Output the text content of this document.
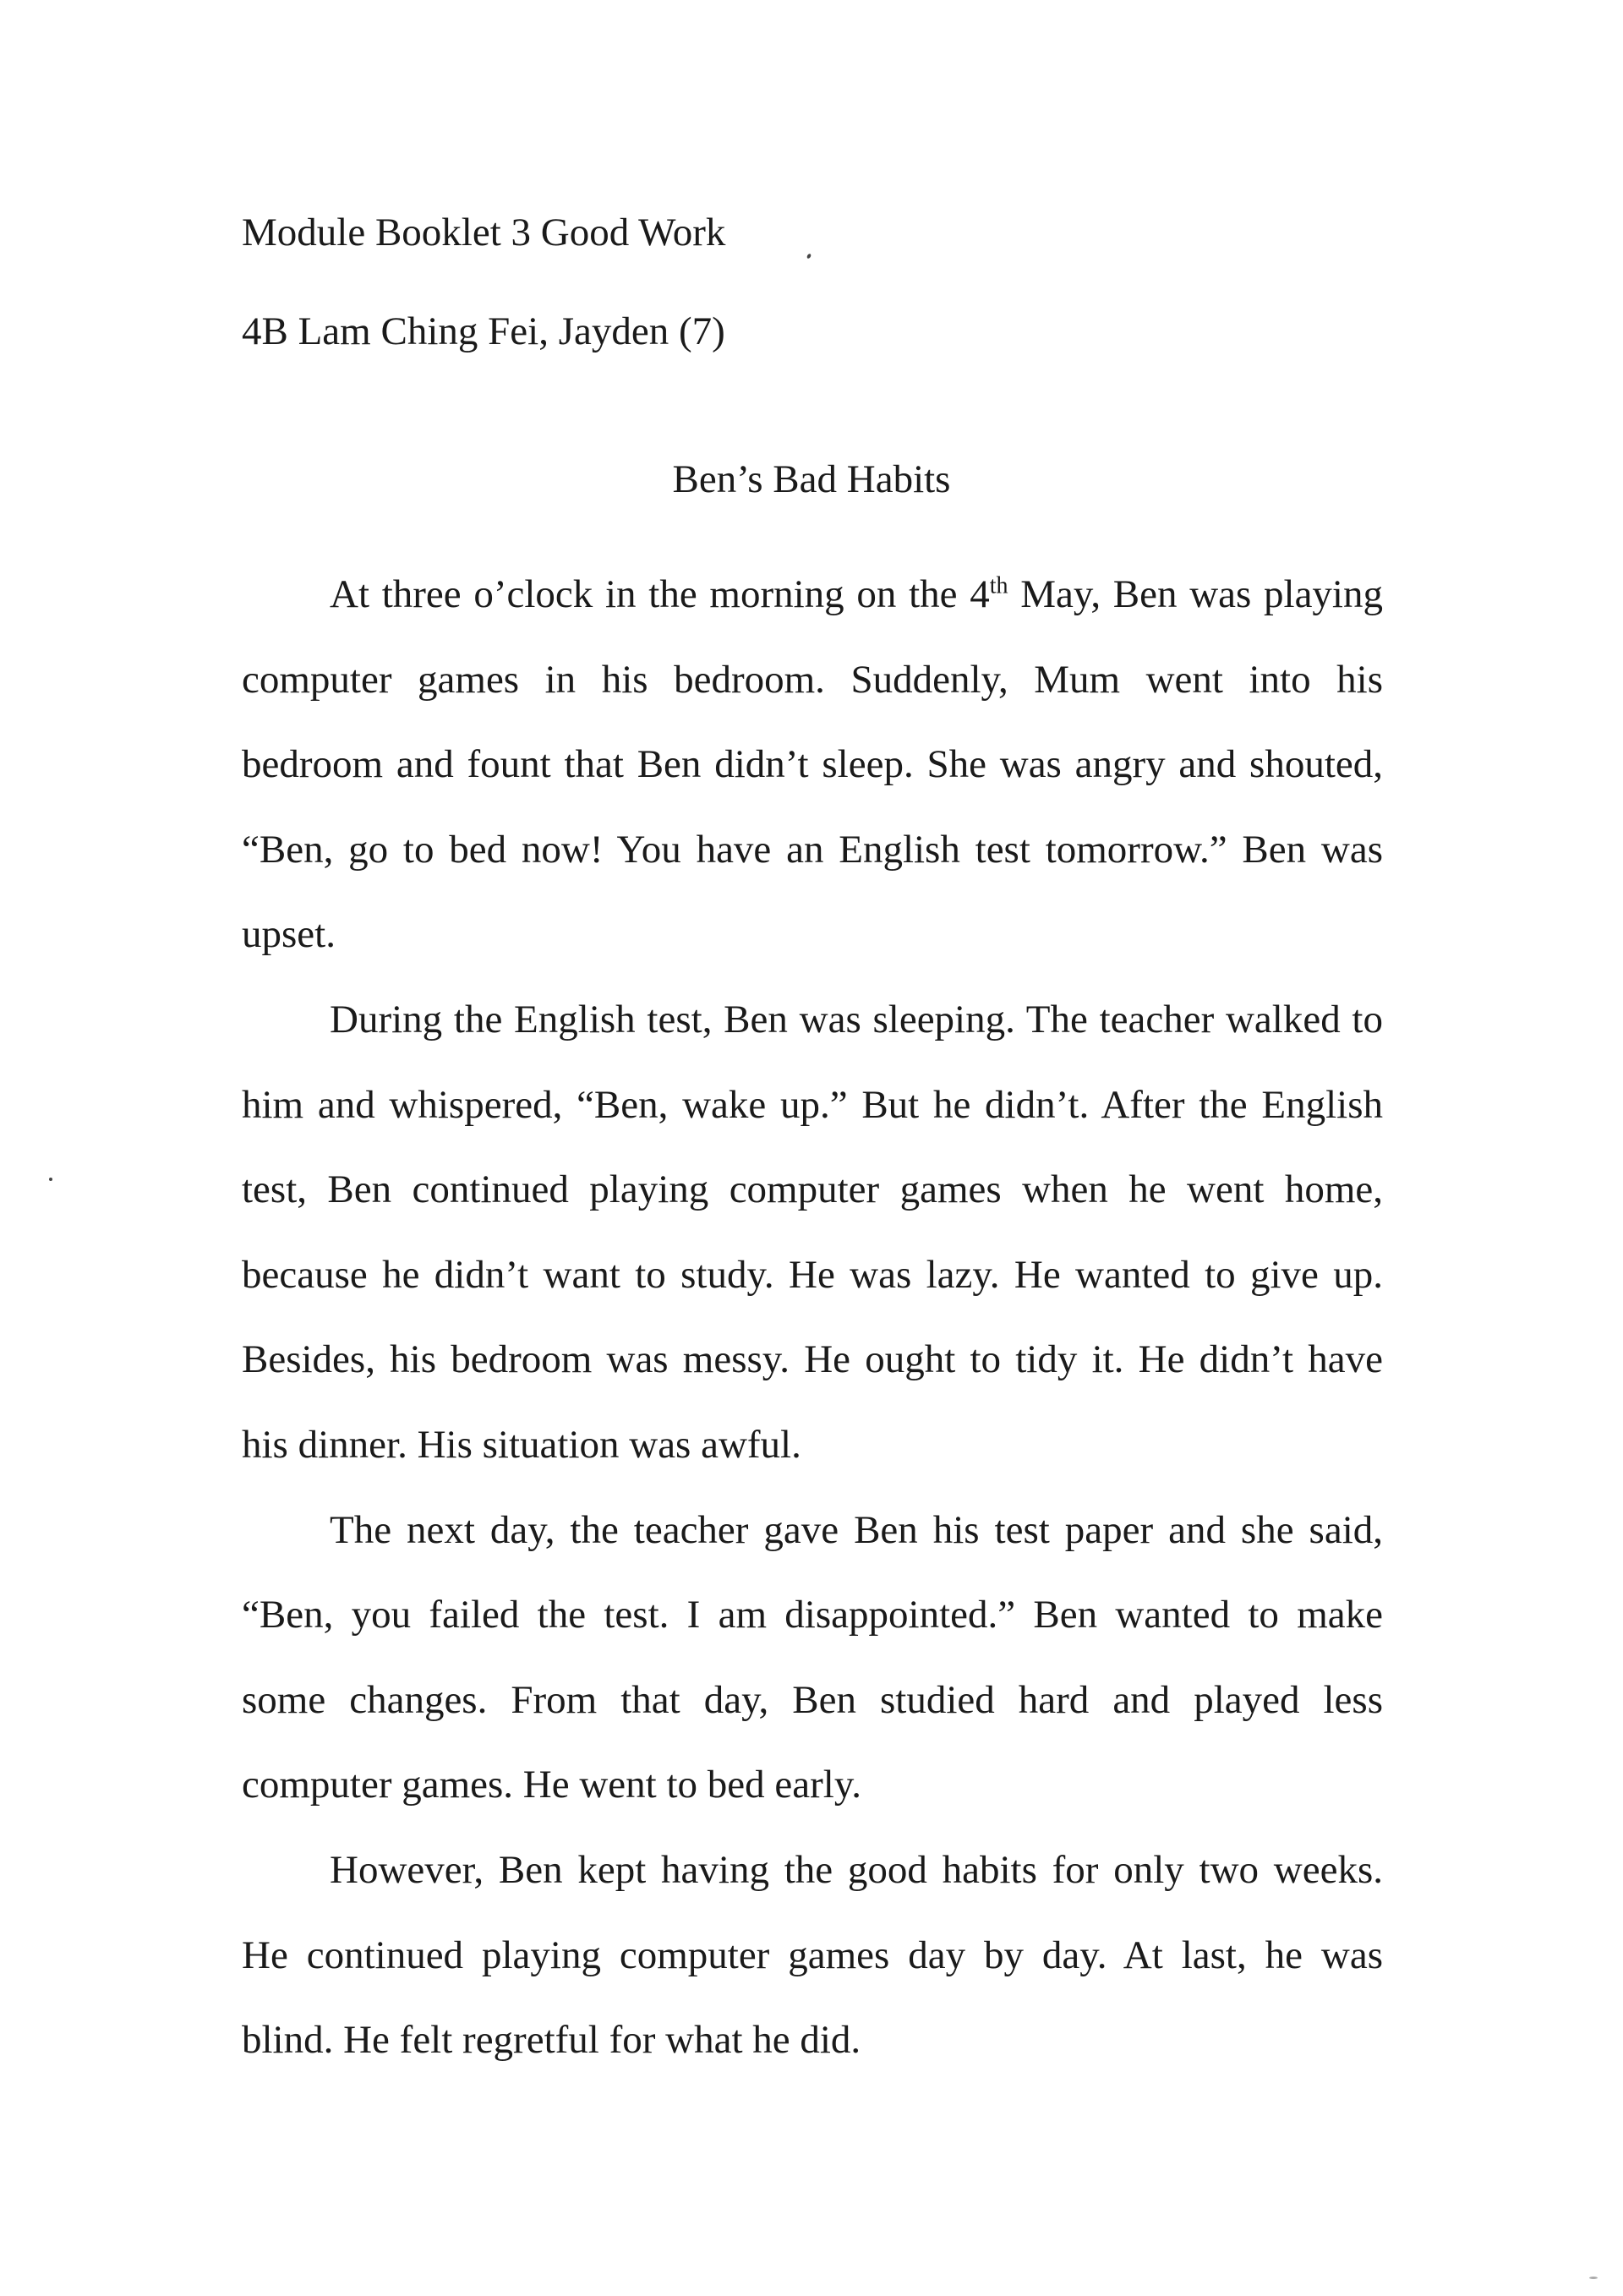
Module Booklet 3 Good Work
4B Lam Ching Fei, Jayden (7)
Ben’s Bad Habits

At three o’clock in the morning on the 4th May, Ben was playing computer games in his bedroom. Suddenly, Mum went into his bedroom and fount that Ben didn’t sleep. She was angry and shouted, “Ben, go to bed now! You have an English test tomorrow.” Ben was upset.

During the English test, Ben was sleeping. The teacher walked to him and whispered, “Ben, wake up.” But he didn’t. After the English test, Ben continued playing computer games when he went home, because he didn’t want to study. He was lazy. He wanted to give up. Besides, his bedroom was messy. He ought to tidy it. He didn’t have his dinner. His situation was awful.

The next day, the teacher gave Ben his test paper and she said, “Ben, you failed the test. I am disappointed.” Ben wanted to make some changes. From that day, Ben studied hard and played less computer games. He went to bed early.

However, Ben kept having the good habits for only two weeks. He continued playing computer games day by day. At last, he was blind. He felt regretful for what he did.
